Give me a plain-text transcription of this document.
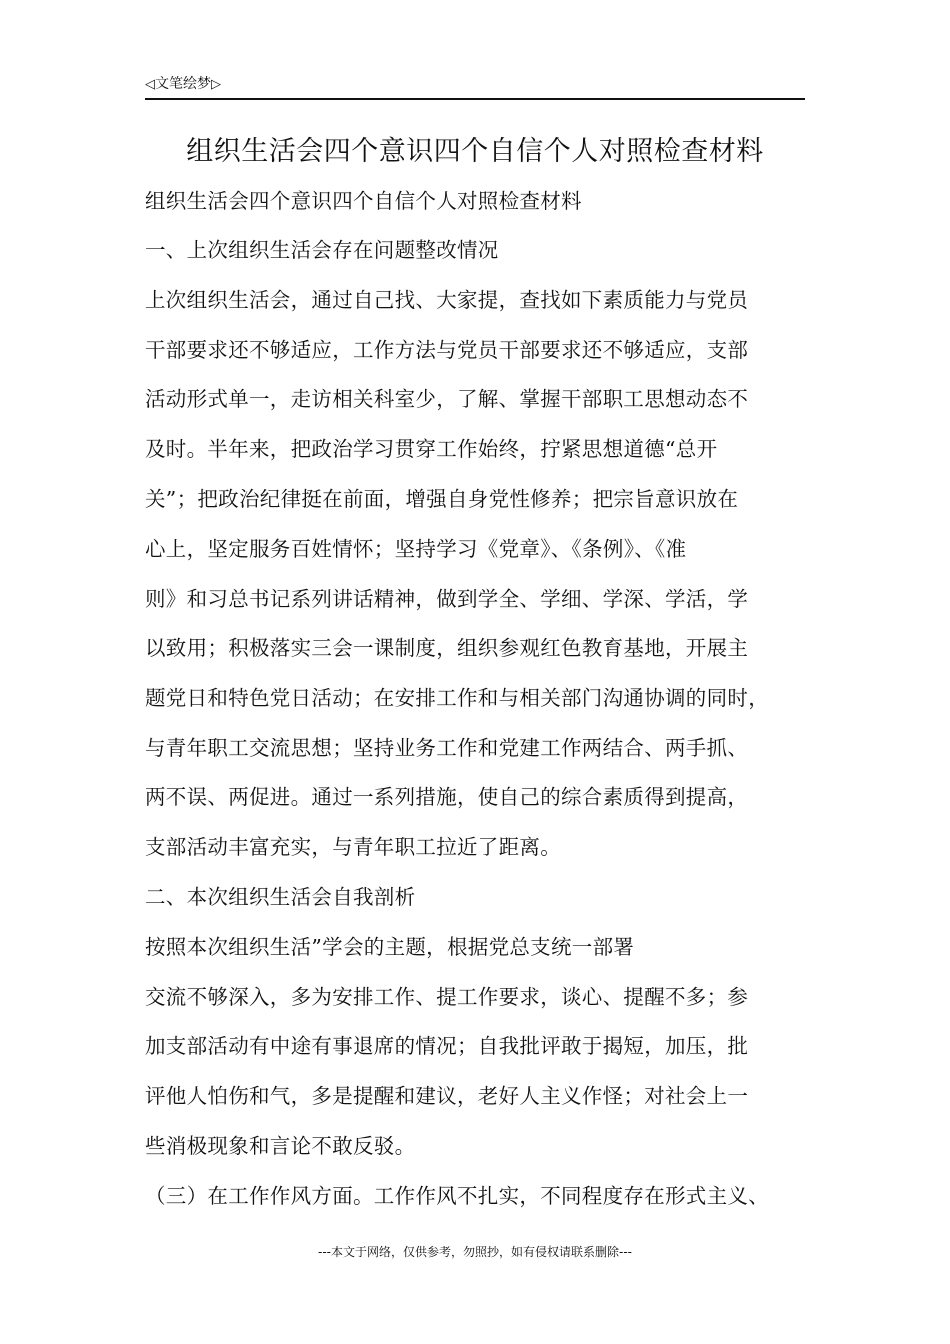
◁文笔绘梦▷
组织生活会四个意识四个自信个人对照检查材料
组织生活会四个意识四个自信个人对照检查材料
一、上次组织生活会存在问题整改情况
上次组织生活会，通过自己找、大家提，查找如下素质能力与党员
干部要求还不够适应，工作方法与党员干部要求还不够适应，支部
活动形式单一，走访相关科室少，了解、掌握干部职工思想动态不
及时。半年来，把政治学习贯穿工作始终，拧紧思想道德“总开
关”；把政治纪律挺在前面，增强自身党性修养；把宗旨意识放在
心上，坚定服务百姓情怀；坚持学习《党章》、《条例》、《准
则》和习总书记系列讲话精神，做到学全、学细、学深、学活，学
以致用；积极落实三会一课制度，组织参观红色教育基地，开展主
题党日和特色党日活动；在安排工作和与相关部门沟通协调的同时，
与青年职工交流思想；坚持业务工作和党建工作两结合、两手抓、
两不误、两促进。通过一系列措施，使自己的综合素质得到提高，
支部活动丰富充实，与青年职工拉近了距离。
二、本次组织生活会自我剖析
按照本次组织生活”学会的主题，根据党总支统一部署
交流不够深入，多为安排工作、提工作要求，谈心、提醒不多；参
加支部活动有中途有事退席的情况；自我批评敢于揭短，加压，批
评他人怕伤和气，多是提醒和建议，老好人主义作怪；对社会上一
些消极现象和言论不敢反驳。
（三）在工作作风方面。工作作风不扎实，不同程度存在形式主义、
---本文于网络，仅供参考，勿照抄，如有侵权请联系删除---
